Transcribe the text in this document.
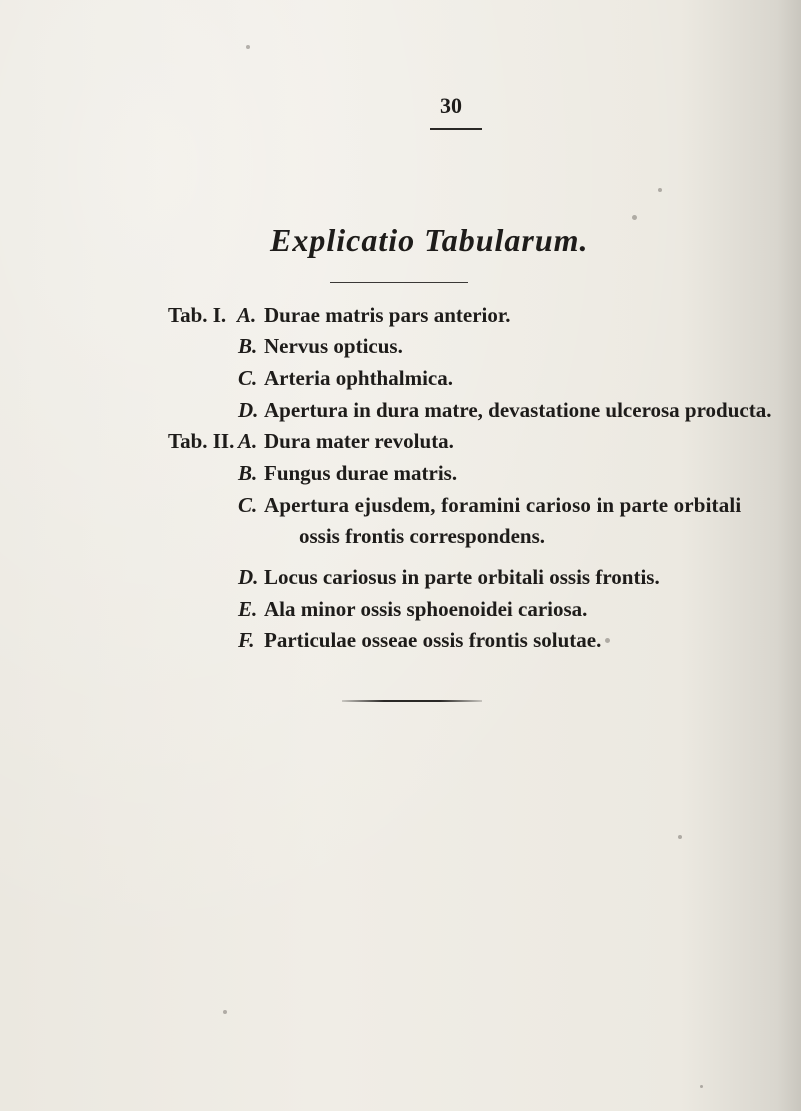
30
Explicatio Tabularum.
Tab. I. A. Durae matris pars anterior.
B. Nervus opticus.
C. Arteria ophthalmica.
D. Apertura in dura matre, devastatione ulcerosa producta.
Tab. II. A. Dura mater revoluta.
B. Fungus durae matris.
C. Apertura ejusdem, foramini carioso in parte orbitali
ossis frontis correspondens.
D. Locus cariosus in parte orbitali ossis frontis.
E. Ala minor ossis sphoenoidei cariosa.
F. Particulae osseae ossis frontis solutae.
